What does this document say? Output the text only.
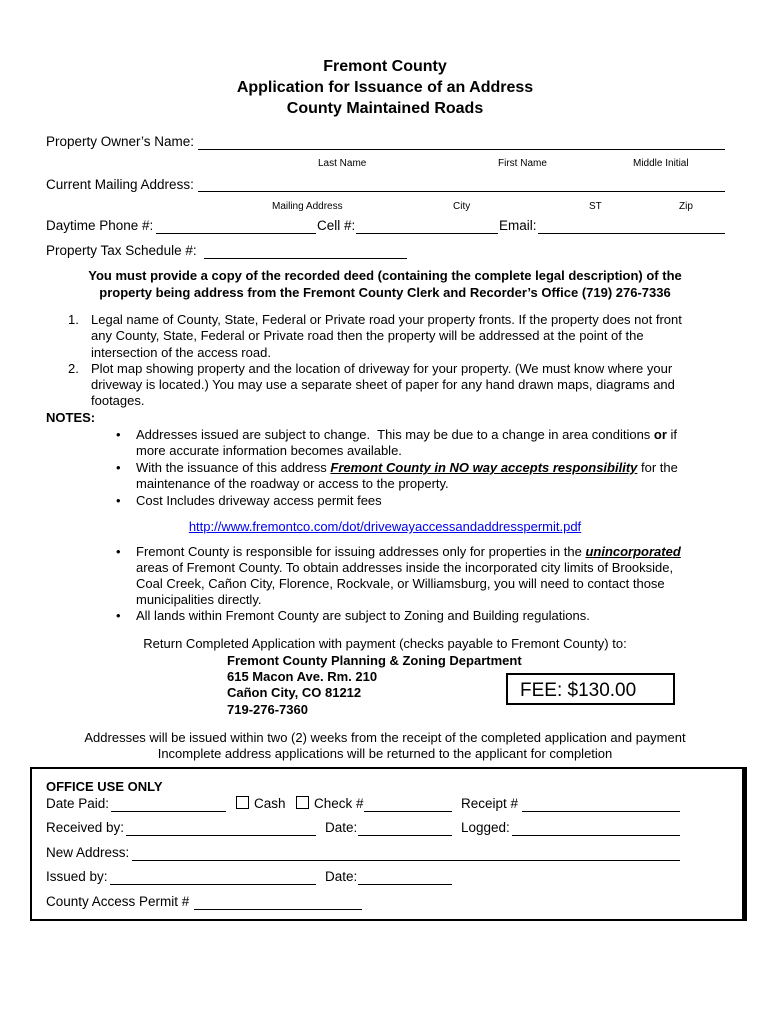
Fremont County
Application for Issuance of an Address
County Maintained Roads
Property Owner’s Name:
Last Name	First Name	Middle Initial
Current Mailing Address:
Mailing Address	City	ST	Zip
Daytime Phone #:	Cell #:	Email:
Property Tax Schedule #:
You must provide a copy of the recorded deed (containing the complete legal description) of the
property being address from the Fremont County Clerk and Recorder’s Office (719) 276-7336
1. Legal name of County, State, Federal or Private road your property fronts. If the property does not front
any County, State, Federal or Private road then the property will be addressed at the point of the
intersection of the access road.
2. Plot map showing property and the location of driveway for your property. (We must know where your
driveway is located.) You may use a separate sheet of paper for any hand drawn maps, diagrams and
footages.
NOTES:
• Addresses issued are subject to change.  This may be due to a change in area conditions or if
more accurate information becomes available.
• With the issuance of this address Fremont County in NO way accepts responsibility for the
maintenance of the roadway or access to the property.
• Cost Includes driveway access permit fees
http://www.fremontco.com/dot/drivewayaccessandaddresspermit.pdf
• Fremont County is responsible for issuing addresses only for properties in the unincorporated
areas of Fremont County. To obtain addresses inside the incorporated city limits of Brookside,
Coal Creek, Cañon City, Florence, Rockvale, or Williamsburg, you will need to contact those
municipalities directly.
• All lands within Fremont County are subject to Zoning and Building regulations.
Return Completed Application with payment (checks payable to Fremont County) to:
Fremont County Planning & Zoning Department
615 Macon Ave. Rm. 210
Cañon City, CO 81212
719-276-7360
FEE: $130.00
Addresses will be issued within two (2) weeks from the receipt of the completed application and payment
Incomplete address applications will be returned to the applicant for completion
OFFICE USE ONLY
Date Paid:	Cash Check #	Receipt #
Received by:	Date:	Logged:
New Address:
Issued by:	Date:
County Access Permit #
